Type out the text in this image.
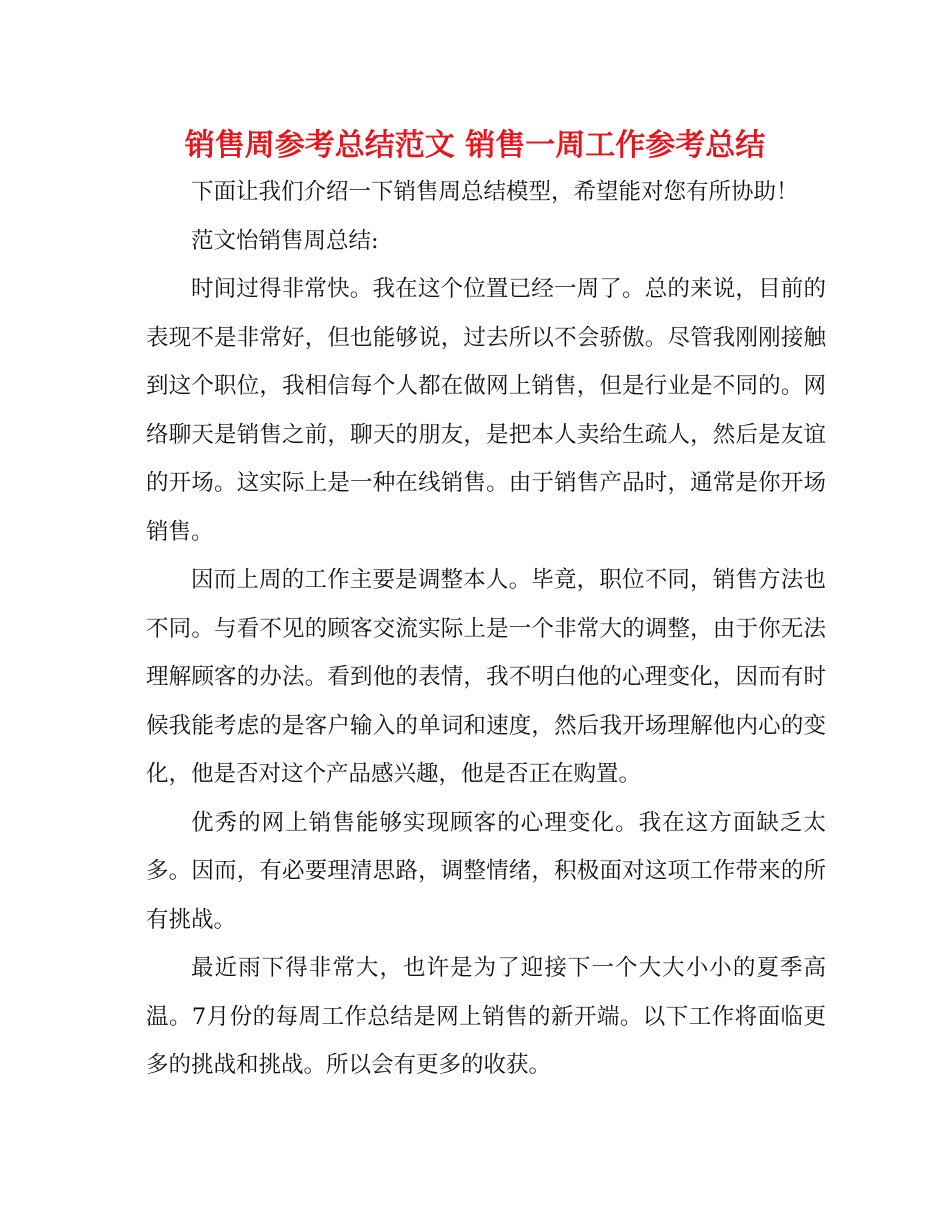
销售周参考总结范文 销售一周工作参考总结

下面让我们介绍一下销售周总结模型，希望能对您有所协助！

范文怡销售周总结:

时间过得非常快。我在这个位置已经一周了。总的来说，目前的表现不是非常好，但也能够说，过去所以不会骄傲。尽管我刚刚接触到这个职位，我相信每个人都在做网上销售，但是行业是不同的。网络聊天是销售之前，聊天的朋友，是把本人卖给生疏人，然后是友谊的开场。这实际上是一种在线销售。由于销售产品时，通常是你开场销售。

因而上周的工作主要是调整本人。毕竟，职位不同，销售方法也不同。与看不见的顾客交流实际上是一个非常大的调整，由于你无法理解顾客的办法。看到他的表情，我不明白他的心理变化，因而有时候我能考虑的是客户输入的单词和速度，然后我开场理解他内心的变化，他是否对这个产品感兴趣，他是否正在购置。

优秀的网上销售能够实现顾客的心理变化。我在这方面缺乏太多。因而，有必要理清思路，调整情绪，积极面对这项工作带来的所有挑战。

最近雨下得非常大，也许是为了迎接下一个大大小小的夏季高温。7月份的每周工作总结是网上销售的新开端。以下工作将面临更多的挑战和挑战。所以会有更多的收获。
